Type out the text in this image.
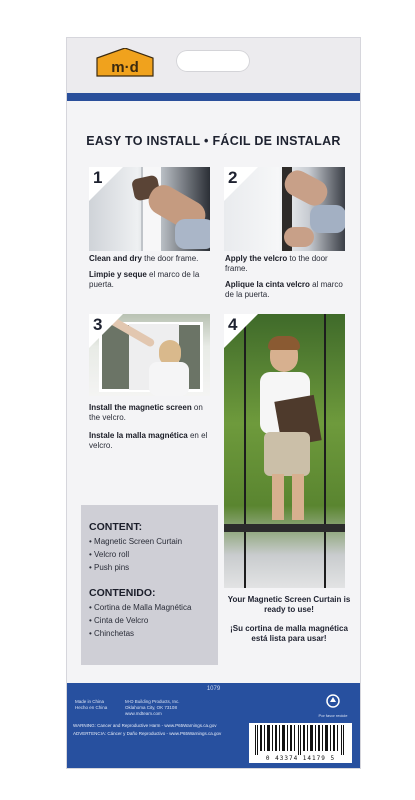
m·d
EASY TO INSTALL • FÁCIL DE INSTALAR
1
Clean and dry the door frame.
Limpie y seque el marco de la puerta.
2
Apply the velcro to the door frame.
Aplique la cinta velcro al marco de la puerta.
3
Install the magnetic screen on the velcro.
Instale la malla magnética en el velcro.
4
Your Magnetic Screen Curtain is ready to use!
¡Su cortina de malla magnética está lista para usar!
CONTENT:
• Magnetic Screen Curtain
• Velcro roll
• Push pins
CONTENIDO:
• Cortina de Malla Magnética
• Cinta de Velcro
• Chinchetas
1079
Made in China
Hecho en China
M-D Building Products, Inc.
Oklahoma City, OK 73108
www.mdteam.com	Por favor recicle
WARNING: Cancer and Reproductive Harm - www.P65Warnings.ca.gov
ADVERTENCIA: Cáncer y Daño Reproductivo - www.P65Warnings.ca.gov
0 43374 14179 5
